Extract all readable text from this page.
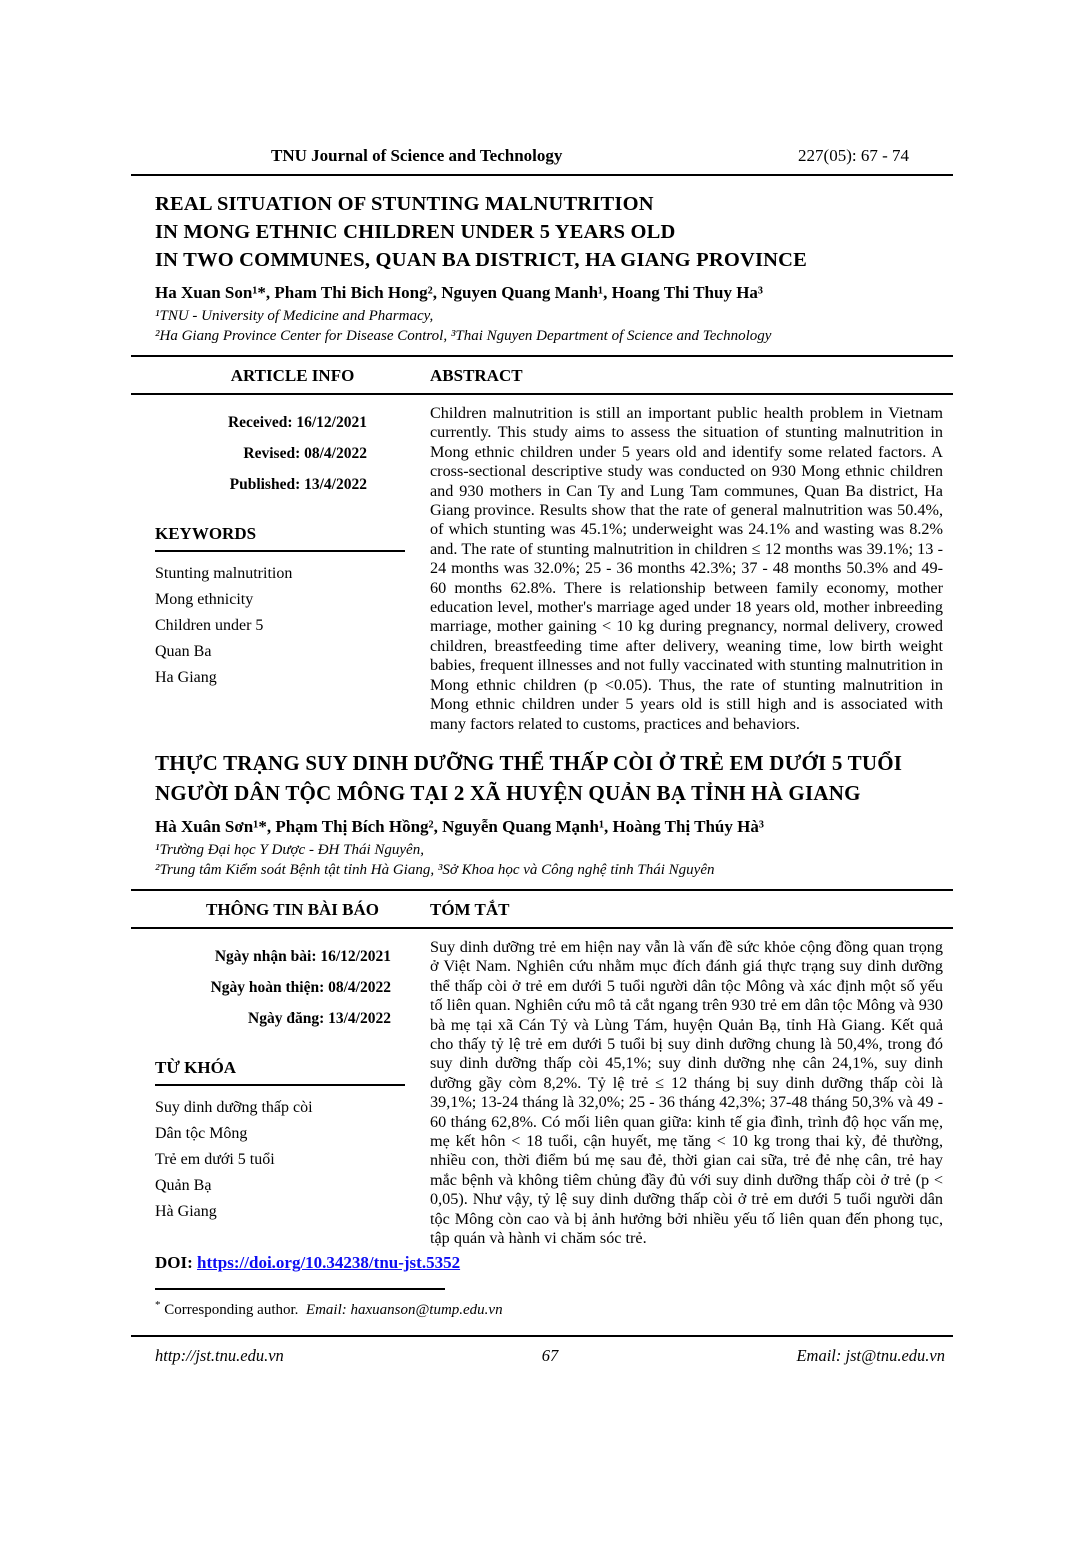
TNU Journal of Science and Technology	227(05): 67 - 74
REAL SITUATION OF STUNTING MALNUTRITION
IN MONG ETHNIC CHILDREN UNDER 5 YEARS OLD
IN TWO COMMUNES, QUAN BA DISTRICT, HA GIANG PROVINCE
Ha Xuan Son¹*, Pham Thi Bich Hong², Nguyen Quang Manh¹, Hoang Thi Thuy Ha³
¹TNU - University of Medicine and Pharmacy,
²Ha Giang Province Center for Disease Control, ³Thai Nguyen Department of Science and Technology
ARTICLE INFO	ABSTRACT
Received: 16/12/2021
Revised: 08/4/2022
Published: 13/4/2022
KEYWORDS
Stunting malnutrition
Mong ethnicity
Children under 5
Quan Ba
Ha Giang
Children malnutrition is still an important public health problem in Vietnam currently. This study aims to assess the situation of stunting malnutrition in Mong ethnic children under 5 years old and identify some related factors. A cross-sectional descriptive study was conducted on 930 Mong ethnic children and 930 mothers in Can Ty and Lung Tam communes, Quan Ba district, Ha Giang province. Results show that the rate of general malnutrition was 50.4%, of which stunting was 45.1%; underweight was 24.1% and wasting was 8.2% and. The rate of stunting malnutrition in children ≤ 12 months was 39.1%; 13 - 24 months was 32.0%; 25 - 36 months 42.3%; 37 - 48 months 50.3% and 49-60 months 62.8%. There is relationship between family economy, mother education level, mother's marriage aged under 18 years old, mother inbreeding marriage, mother gaining < 10 kg during pregnancy, normal delivery, crowed children, breastfeeding time after delivery, weaning time, low birth weight babies, frequent illnesses and not fully vaccinated with stunting malnutrition in Mong ethnic children (p <0.05). Thus, the rate of stunting malnutrition in Mong ethnic children under 5 years old is still high and is associated with many factors related to customs, practices and behaviors.
THỰC TRẠNG SUY DINH DƯỠNG THỂ THẤP CÒI Ở TRẺ EM DƯỚI 5 TUỔI
NGƯỜI DÂN TỘC MÔNG TẠI 2 XÃ HUYỆN QUẢN BẠ TỈNH HÀ GIANG
Hà Xuân Sơn¹*, Phạm Thị Bích Hồng², Nguyễn Quang Mạnh¹, Hoàng Thị Thúy Hà³
¹Trường Đại học Y Dược - ĐH Thái Nguyên,
²Trung tâm Kiểm soát Bệnh tật tỉnh Hà Giang, ³Sở Khoa học và Công nghệ tỉnh Thái Nguyên
THÔNG TIN BÀI BÁO	TÓM TẮT
Ngày nhận bài: 16/12/2021
Ngày hoàn thiện: 08/4/2022
Ngày đăng: 13/4/2022
TỪ KHÓA
Suy dinh dưỡng thấp còi
Dân tộc Mông
Trẻ em dưới 5 tuổi
Quản Bạ
Hà Giang
Suy dinh dưỡng trẻ em hiện nay vẫn là vấn đề sức khỏe cộng đồng quan trọng ở Việt Nam. Nghiên cứu nhằm mục đích đánh giá thực trạng suy dinh dưỡng thể thấp còi ở trẻ em dưới 5 tuổi người dân tộc Mông và xác định một số yếu tố liên quan. Nghiên cứu mô tả cắt ngang trên 930 trẻ em dân tộc Mông và 930 bà mẹ tại xã Cán Tỷ và Lùng Tám, huyện Quản Bạ, tỉnh Hà Giang. Kết quả cho thấy tỷ lệ trẻ em dưới 5 tuổi bị suy dinh dưỡng chung là 50,4%, trong đó suy dinh dưỡng thấp còi 45,1%; suy dinh dưỡng nhẹ cân 24,1%, suy dinh dưỡng gầy còm 8,2%. Tỷ lệ trẻ ≤ 12 tháng bị suy dinh dưỡng thấp còi là 39,1%; 13-24 tháng là 32,0%; 25 - 36 tháng 42,3%; 37-48 tháng 50,3% và 49 - 60 tháng 62,8%. Có mối liên quan giữa: kinh tế gia đình, trình độ học vấn mẹ, mẹ kết hôn < 18 tuổi, cận huyết, mẹ tăng < 10 kg trong thai kỳ, đẻ thường, nhiều con, thời điểm bú mẹ sau đẻ, thời gian cai sữa, trẻ đẻ nhẹ cân, trẻ hay mắc bệnh và không tiêm chủng đầy đủ với suy dinh dưỡng thấp còi ở trẻ (p < 0,05). Như vậy, tỷ lệ suy dinh dưỡng thấp còi ở trẻ em dưới 5 tuổi người dân tộc Mông còn cao và bị ảnh hưởng bởi nhiều yếu tố liên quan đến phong tục, tập quán và hành vi chăm sóc trẻ.
DOI: https://doi.org/10.34238/tnu-jst.5352
* Corresponding author. Email: haxuanson@tump.edu.vn
http://jst.tnu.edu.vn	67	Email: jst@tnu.edu.vn
